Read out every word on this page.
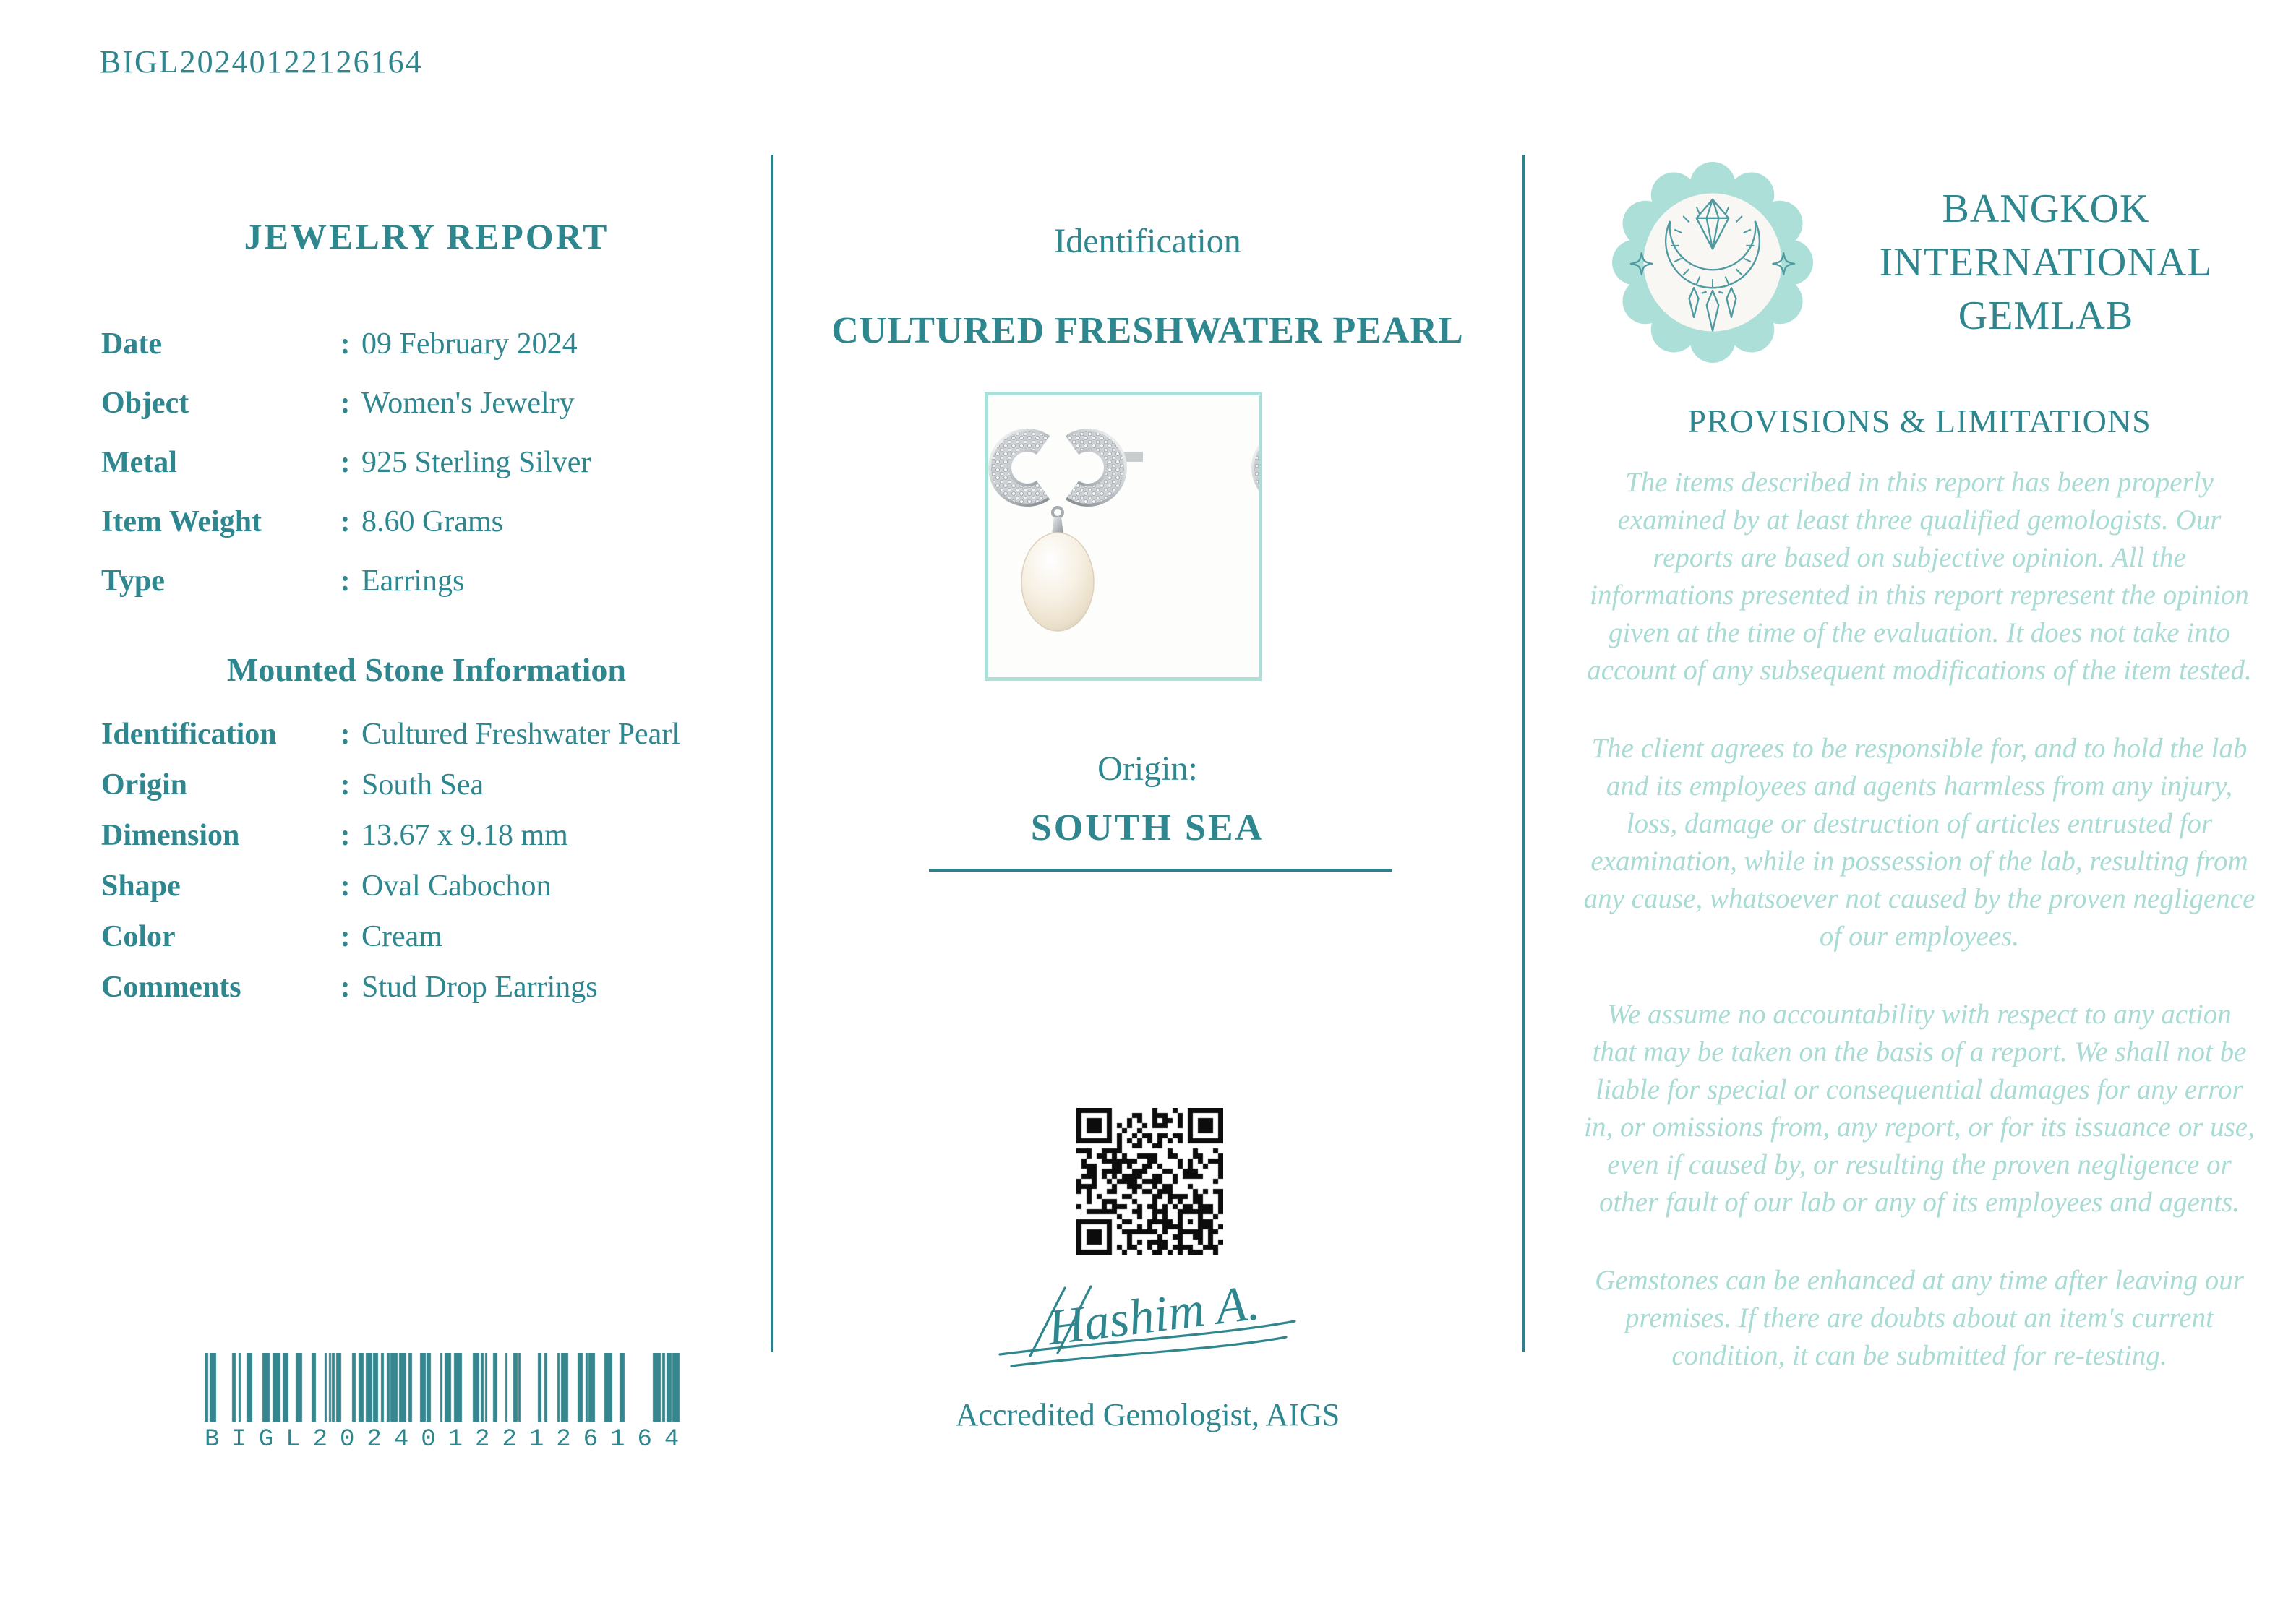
BIGL20240122126164
JEWELRY REPORT
Date	: 09 February 2024
Object	: Women's Jewelry
Metal	: 925 Sterling Silver
Item Weight	: 8.60 Grams
Type	: Earrings
Mounted Stone Information
Identification	: Cultured Freshwater Pearl
Origin	: South Sea
Dimension	: 13.67 x 9.18 mm
Shape	: Oval Cabochon
Color	: Cream
Comments	: Stud Drop Earrings
BIGL20240122126164
Identification
CULTURED FRESHWATER PEARL
Origin:
SOUTH SEA
Hashim A.
Accredited Gemologist, AIGS
BANGKOK
INTERNATIONAL
GEMLAB
PROVISIONS & LIMITATIONS

The items described in this report has been properly examined by at least three qualified gemologists. Our reports are based on subjective opinion. All the informations presented in this report represent the opinion given at the time of the evaluation. It does not take into account of any subsequent modifications of the item tested.

The client agrees to be responsible for, and to hold the lab and its employees and agents harmless from any injury, loss, damage or destruction of articles entrusted for examination, while in possession of the lab, resulting from any cause, whatsoever not caused by the proven negligence of our employees.

We assume no accountability with respect to any action that may be taken on the basis of a report. We shall not be liable for special or consequential damages for any error in, or omissions from, any report, or for its issuance or use, even if caused by, or resulting the proven negligence or other fault of our lab or any of its employees and agents.

Gemstones can be enhanced at any time after leaving our premises. If there are doubts about an item's current condition, it can be submitted for re-testing.
